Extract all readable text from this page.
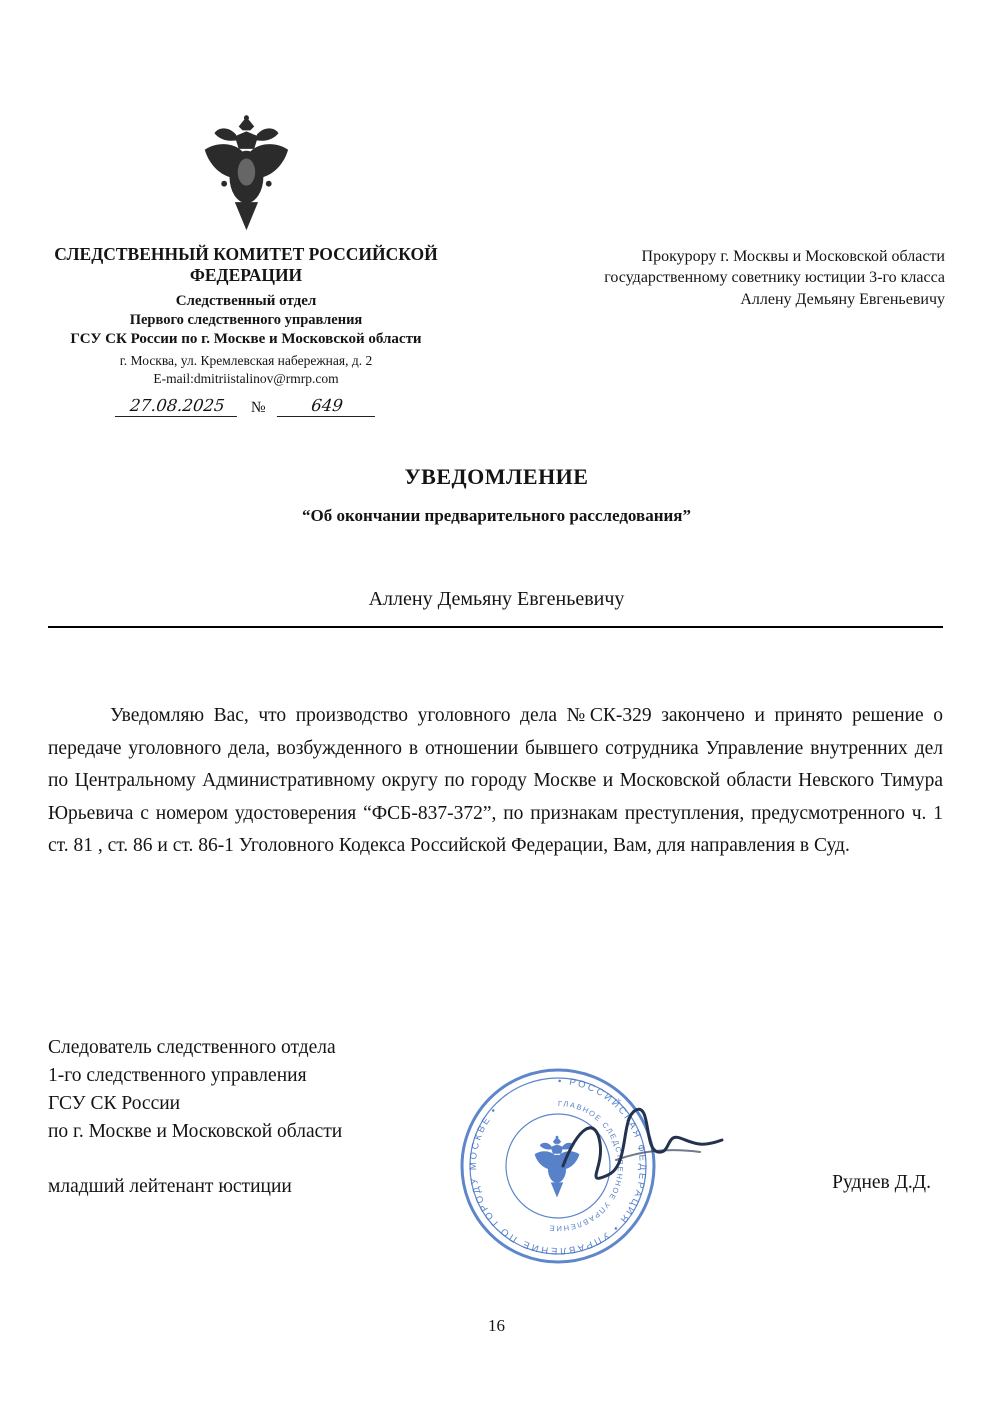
СЛЕДСТВЕННЫЙ КОМИТЕТ РОССИЙСКОЙ
ФЕДЕРАЦИИ
Следственный отдел
Первого следственного управления
ГСУ СК России по г. Москве и Московской области
г. Москва, ул. Кремлевская набережная, д. 2
E-mail:dmitriistalinov@rmrp.com
27.08.2025	№	649
Прокурору г. Москвы и Московской области
государственному советнику юстиции 3-го класса
Аллену Демьяну Евгеньевичу
УВЕДОМЛЕНИЕ
“Об окончании предварительного расследования”
Аллену Демьяну Евгеньевичу

Уведомляю Вас, что производство уголовного дела №СК-329 закончено и принято решение о передаче уголовного дела, возбужденного в отношении бывшего сотрудника Управление внутренних дел по Центральному Административному округу по городу Москве и Московской области Невского Тимура Юрьевича с номером удостоверения “ФСБ-837-372”, по признакам преступления, предусмотренного ч. 1 ст. 81 , ст. 86 и ст. 86-1 Уголовного Кодекса Российской Федерации, Вам, для направления в Суд.

Следователь следственного отдела
1-го следственного управления
ГСУ СК России
по г. Москве и Московской области
младший лейтенант юстиции
• РОССИЙСКАЯ ФЕДЕРАЦИЯ • УПРАВЛЕНИЕ ПО ГОРОДУ МОСКВЕ •
ГЛАВНОЕ СЛЕДСТВЕННОЕ УПРАВЛЕНИЕ
Руднев Д.Д.
16
